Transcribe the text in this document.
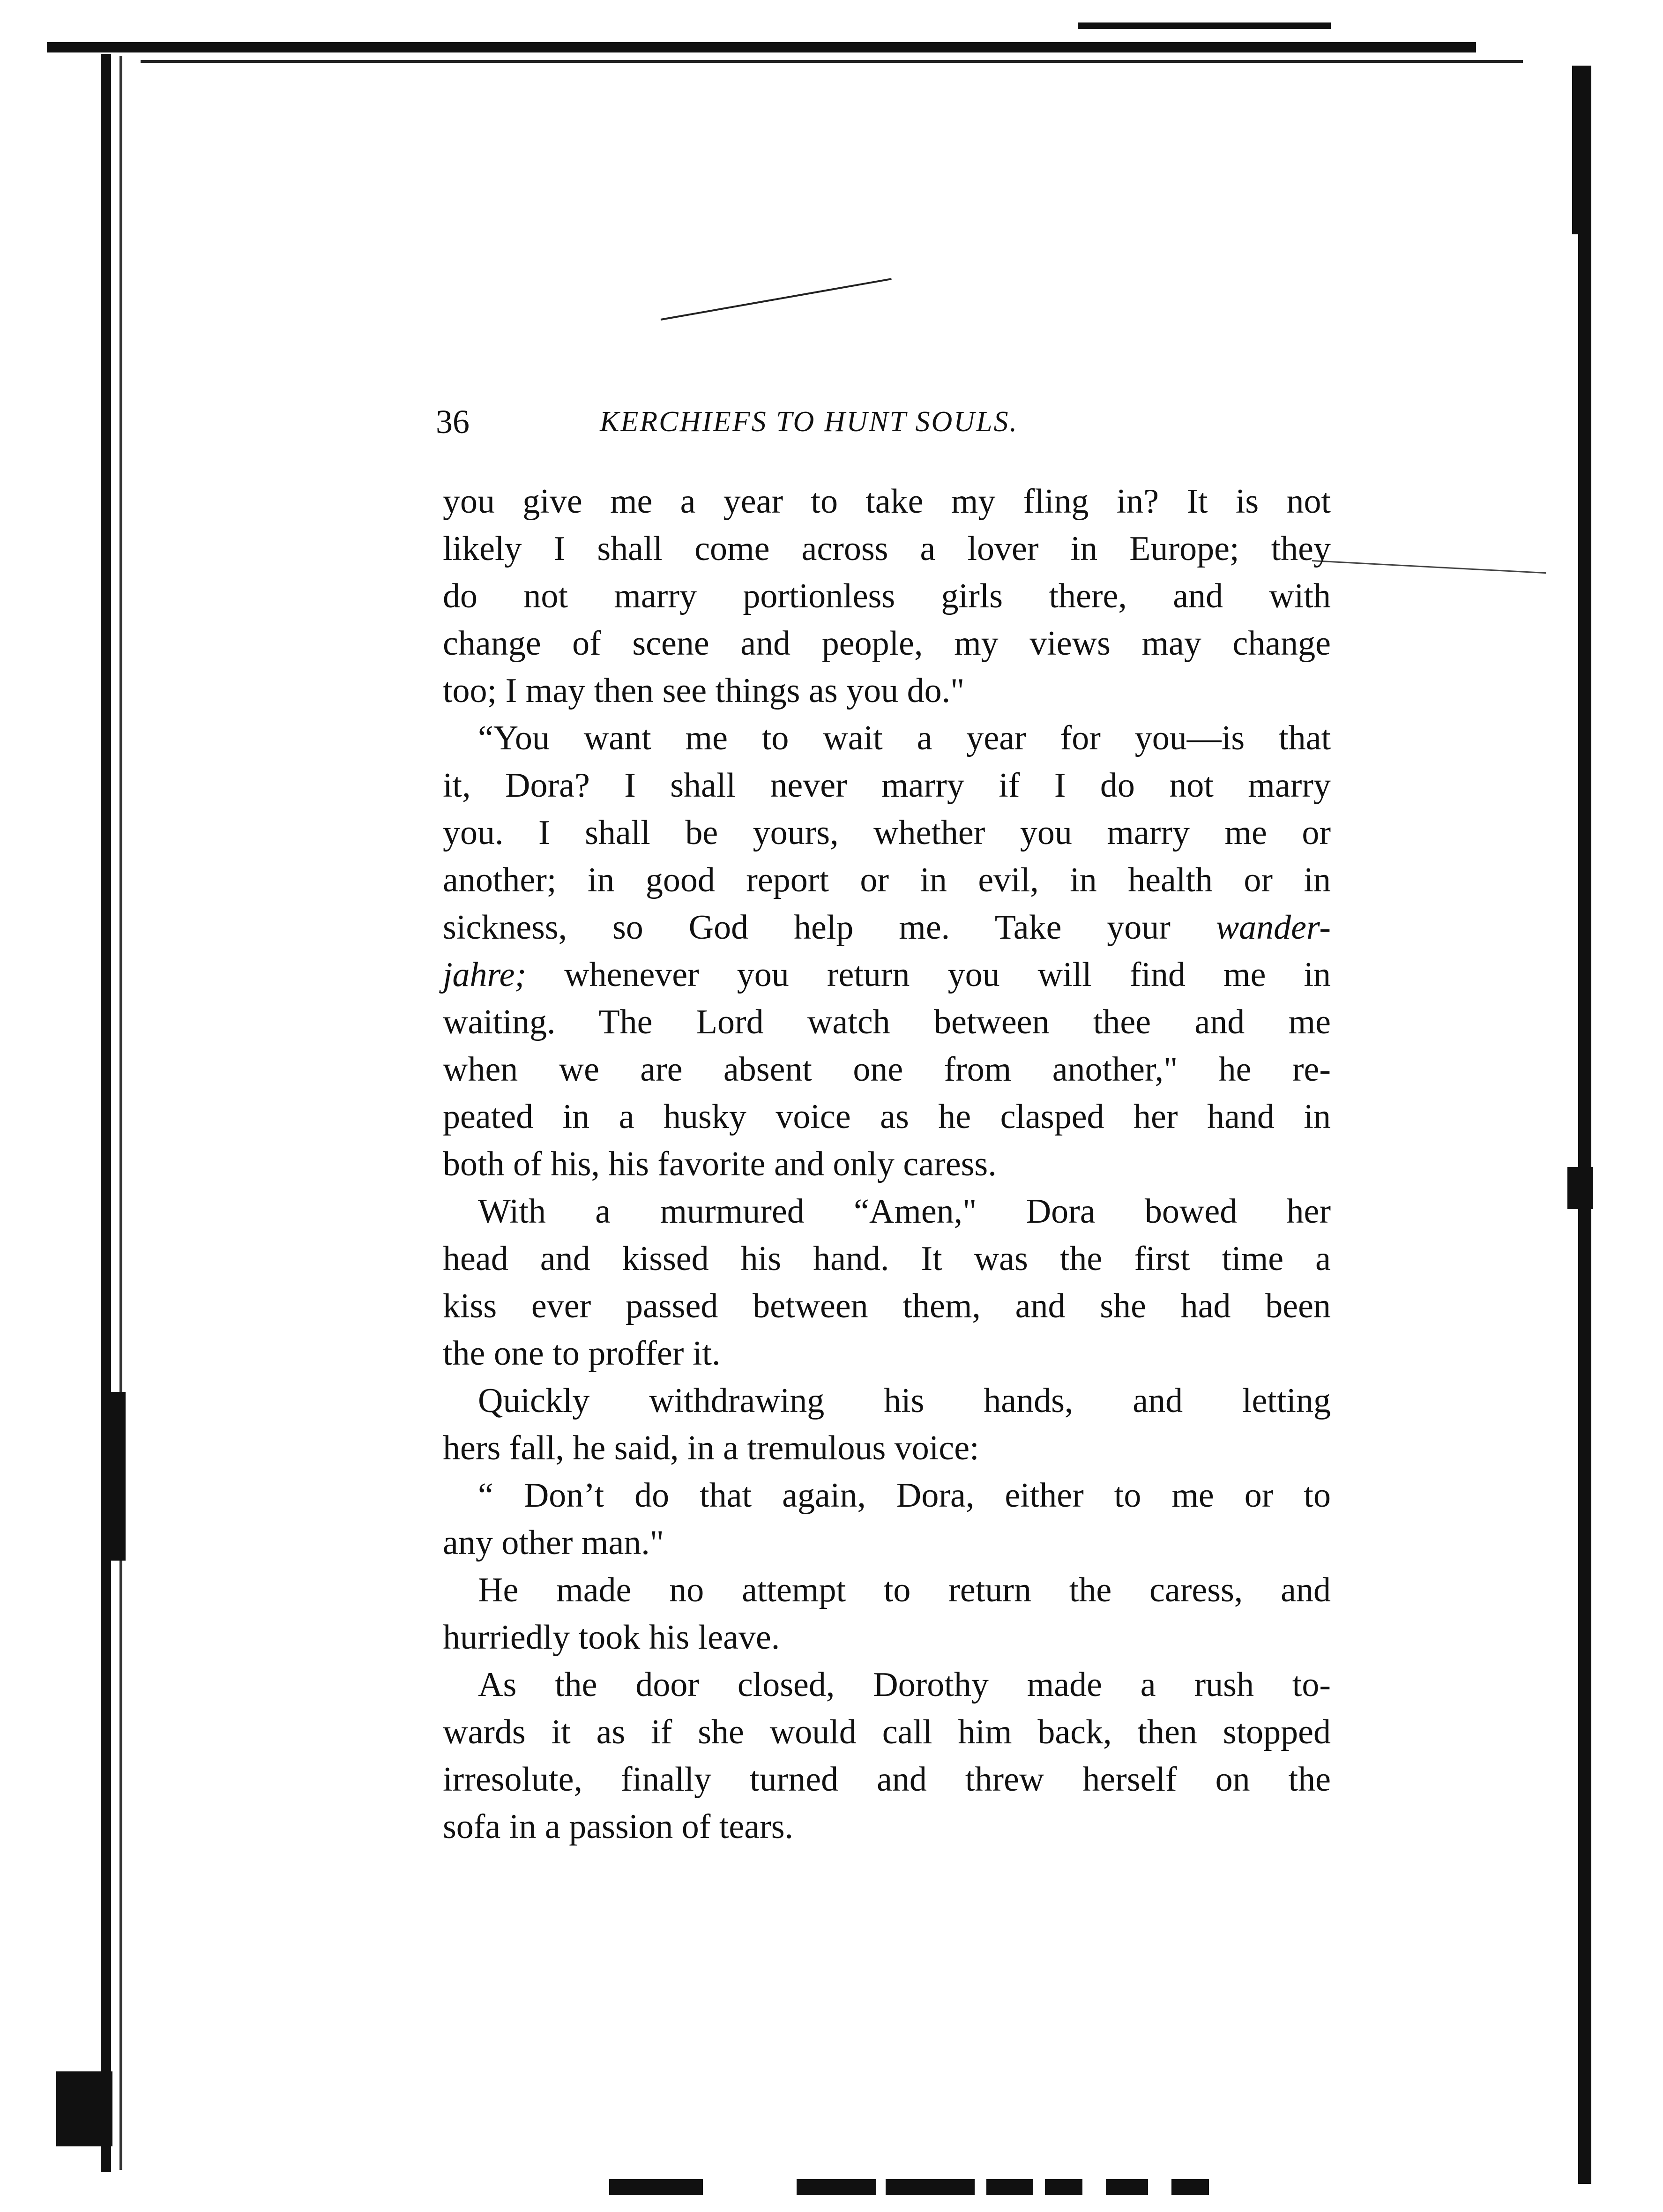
36	KERCHIEFS TO HUNT SOULS.
you give me a year to take my fling in? It is not
likely I shall come across a lover in Europe; they
do not marry portionless girls there, and with
change of scene and people, my views may change
too; I may then see things as you do."
“You want me to wait a year for you—is that
it, Dora? I shall never marry if I do not marry
you. I shall be yours, whether you marry me or
another; in good report or in evil, in health or in
sickness, so God help me. Take your wander-
jahre; whenever you return you will find me in
waiting. The Lord watch between thee and me
when we are absent one from another," he re-
peated in a husky voice as he clasped her hand in
both of his, his favorite and only caress.
With a murmured “Amen," Dora bowed her
head and kissed his hand. It was the first time a
kiss ever passed between them, and she had been
the one to proffer it.
Quickly withdrawing his hands, and letting
hers fall, he said, in a tremulous voice:
“ Don’t do that again, Dora, either to me or to
any other man."
He made no attempt to return the caress, and
hurriedly took his leave.
As the door closed, Dorothy made a rush to-
wards it as if she would call him back, then stopped
irresolute, finally turned and threw herself on the
sofa in a passion of tears.
